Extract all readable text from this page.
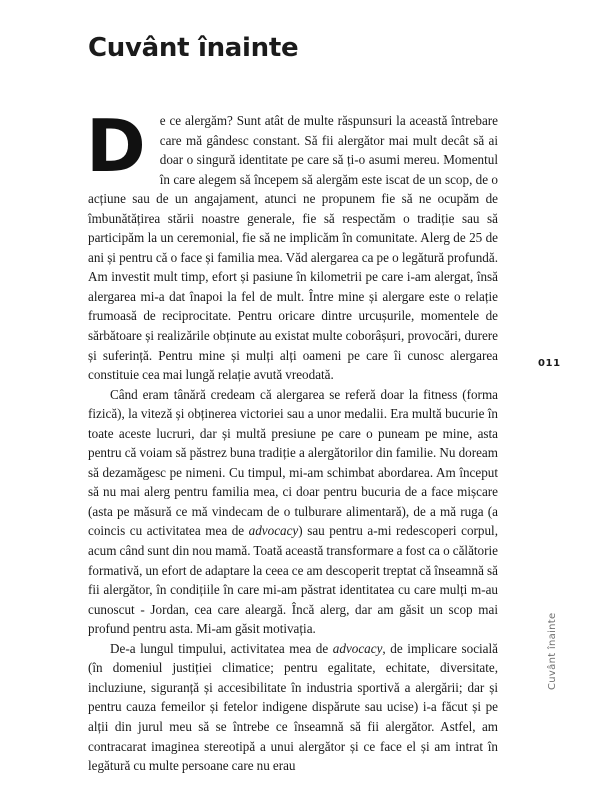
Cuvânt înainte

D e ce alergăm? Sunt atât de multe răspunsuri la această întrebare care mă gândesc constant. Să fii alergător mai mult decât să ai doar o singură identitate pe care să ți-o asumi mereu. Momentul în care alegem să începem să alergăm este iscat de un scop, de o acțiune sau de un angajament, atunci ne propunem fie să ne ocupăm de îmbunătățirea stării noastre generale, fie să respectăm o tradiție sau să participăm la un ceremonial, fie să ne implicăm în comunitate. Alerg de 25 de ani și pentru că o face și familia mea. Văd alergarea ca pe o legătură profundă. Am investit mult timp, efort și pasiune în kilometrii pe care i-am alergat, însă alergarea mi-a dat înapoi la fel de mult. Între mine și alergare este o relație frumoasă de reciprocitate. Pentru oricare dintre urcușurile, momentele de sărbătoare și realizările obținute au existat multe coborâșuri, provocări, durere și suferință. Pentru mine și mulți alți oameni pe care îi cunosc alergarea constituie cea mai lungă relație avută vreodată.

Când eram tânără credeam că alergarea se referă doar la fitness (forma fizică), la viteză și obținerea victoriei sau a unor medalii. Era multă bucurie în toate aceste lucruri, dar și multă presiune pe care o puneam pe mine, asta pentru că voiam să păstrez buna tradiție a alergătorilor din familie. Nu doream să dezamăgesc pe nimeni. Cu timpul, mi-am schimbat abordarea. Am început să nu mai alerg pentru familia mea, ci doar pentru bucuria de a face mișcare (asta pe măsură ce mă vindecam de o tulburare alimentară), de a mă ruga (a coincis cu activitatea mea de advocacy) sau pentru a-mi redescoperi corpul, acum când sunt din nou mamă. Toată această transformare a fost ca o călătorie formativă, un efort de adaptare la ceea ce am descoperit treptat că înseamnă să fii alergător, în condițiile în care mi-am păstrat identitatea cu care mulți m-au cunoscut - Jordan, cea care aleargă. Încă alerg, dar am găsit un scop mai profund pentru asta. Mi-am găsit motivația.

De-a lungul timpului, activitatea mea de advocacy, de implicare socială (în domeniul justiției climatice; pentru egalitate, echitate, diversitate, incluziune, siguranță și accesibilitate în industria sportivă a alergării; dar și pentru cauza femeilor și fetelor indigene dispărute sau ucise) i-a făcut și pe alții din jurul meu să se întrebe ce înseamnă să fii alergător. Astfel, am contracarat imaginea stereotipă a unui alergător și ce face el și am intrat în legătură cu multe persoane care nu erau

011
Cuvânt înainte
